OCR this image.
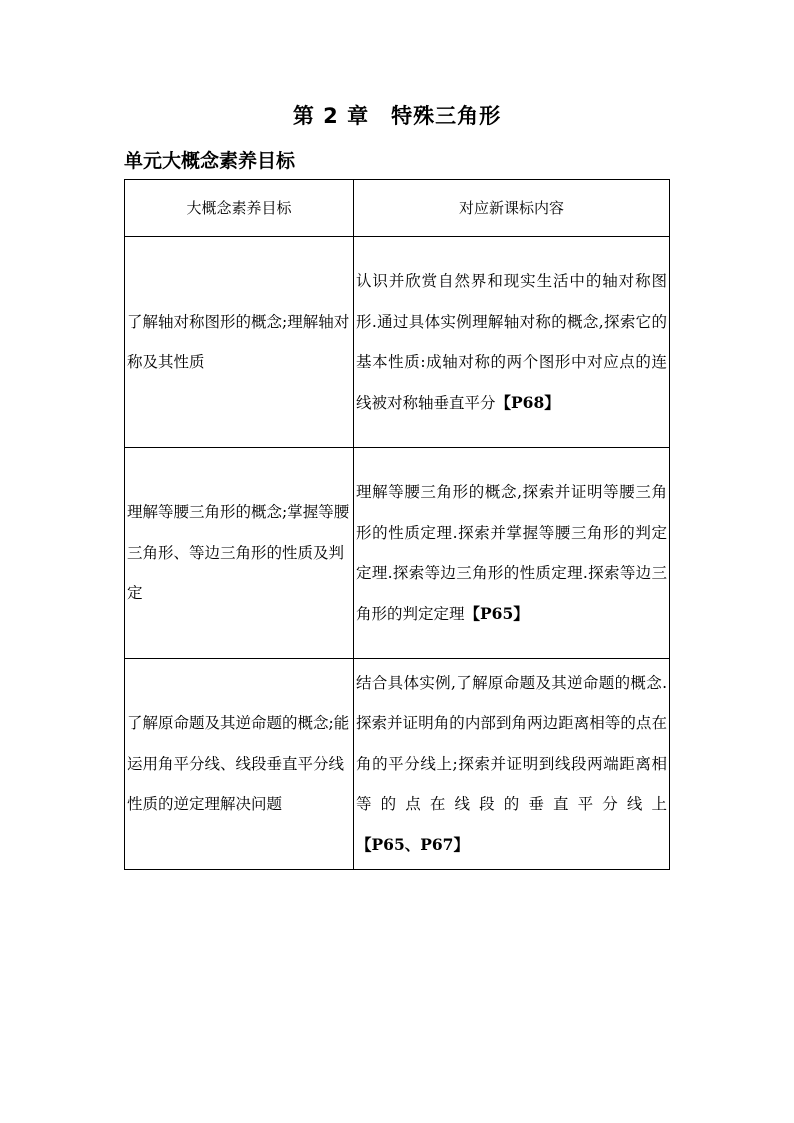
第 2 章　特殊三角形
单元大概念素养目标
大概念素养目标	对应新课标内容
了解轴对称图形的概念;理解轴对称及其性质	认识并欣赏自然界和现实生活中的轴对称图形.通过具体实例理解轴对称的概念,探索它的基本性质:成轴对称的两个图形中对应点的连线被对称轴垂直平分【P68】
理解等腰三角形的概念;掌握等腰三角形、等边三角形的性质及判定	理解等腰三角形的概念,探索并证明等腰三角形的性质定理.探索并掌握等腰三角形的判定定理.探索等边三角形的性质定理.探索等边三角形的判定定理【P65】
了解原命题及其逆命题的概念;能运用角平分线、线段垂直平分线性质的逆定理解决问题	结合具体实例,了解原命题及其逆命题的概念.探索并证明角的内部到角两边距离相等的点在角的平分线上;探索并证明到线段两端距离相等的点在线段的垂直平分线上【P65、P67】
